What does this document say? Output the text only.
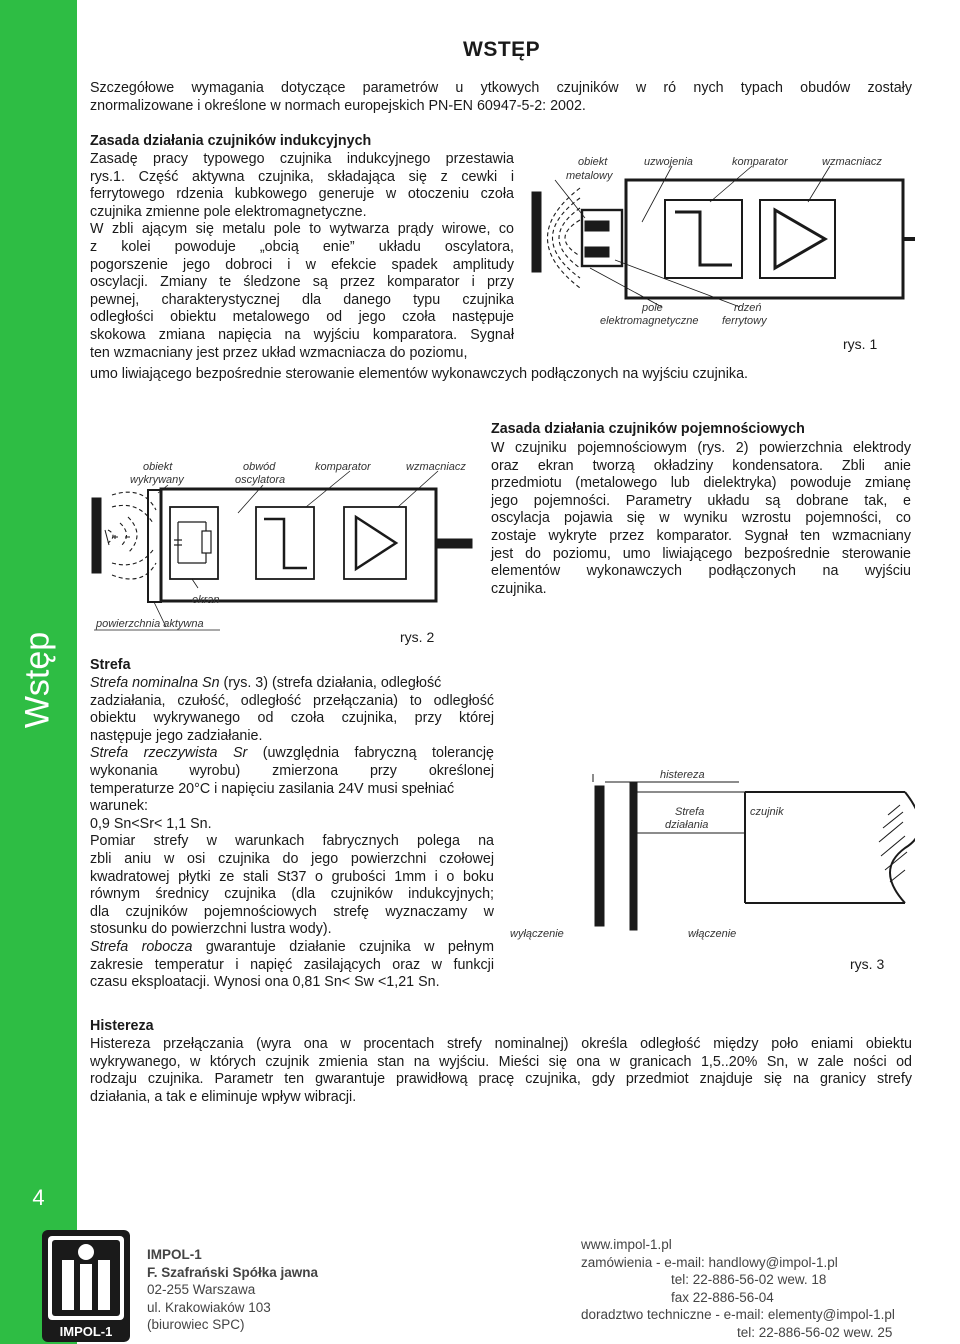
Wstęp
4
WSTĘP
Szczegółowe wymagania dotyczące parametrów u ytkowych czujników w ró nych typach obudów zostały
znormalizowane i określone w normach europejskich PN-EN 60947-5-2: 2002.
Zasada działania czujników indukcyjnych
Zasadę pracy typowego czujnika indukcyjnego przestawia
rys.1. Część aktywna czujnika, składająca się z cewki i
ferrytowego rdzenia kubkowego generuje w otoczeniu czoła
czujnika zmienne pole elektromagnetyczne.
W zbli ającym się metalu pole to wytwarza prądy wirowe, co
z kolei powoduje „obcią enie” układu oscylatora,
pogorszenie jego dobroci i w efekcie spadek amplitudy
oscylacji. Zmiany te śledzone są przez komparator i przy
pewnej, charakterystycznej dla danego typu czujnika
odległości obiektu metalowego od jego czoła następuje
skokowa zmiana napięcia na wyjściu komparatora. Sygnał
ten wzmacniany jest przez układ wzmacniacza do poziomu,
umo liwiającego bezpośrednie sterowanie elementów wykonawczych podłączonych na wyjściu czujnika.
obiekt
metalowy
uzwojenia	komparator	wzmacniacz
pole
elektromagnetyczne
rdzeń
ferrytowy
rys. 1
obiekt
wykrywany
obwód
oscylatora
komparator	wzmacniacz
ekran
powierzchnia aktywna
rys. 2
Zasada działania czujników pojemnościowych
W czujniku pojemnościowym (rys. 2) powierzchnia elektrody
oraz ekran tworzą okładziny kondensatora. Zbli anie
przedmiotu (metalowego lub dielektryka) powoduje zmianę
jego pojemności. Parametry układu są dobrane tak, e
oscylacja pojawia się w wyniku wzrostu pojemności, co
zostaje wykryte przez komparator. Sygnał ten wzmacniany
jest do poziomu, umo liwiającego bezpośrednie sterowanie
elementów wykonawczych podłączonych na wyjściu
czujnika.
Strefa
Strefa nominalna Sn (rys. 3) (strefa działania, odległość
zadziałania, czułość, odległość przełączania) to odległość
obiektu wykrywanego od czoła czujnika, przy której
następuje jego zadziałanie.
Strefa rzeczywista Sr (uwzględnia fabryczną tolerancję
wykonania wyrobu) zmierzona przy określonej
temperaturze 20°C i napięciu zasilania 24V musi spełniać
warunek:
0,9 Sn<Sr< 1,1 Sn.
Pomiar strefy w warunkach fabrycznych polega na
zbli aniu w osi czujnika do jego powierzchni czołowej
kwadratowej płytki ze stali St37 o grubości 1mm i o boku
równym średnicy czujnika (dla czujników indukcyjnych;
dla czujników pojemnościowych strefę wyznaczamy w
stosunku do powierzchni lustra wody).
Strefa robocza gwarantuje działanie czujnika w pełnym
zakresie temperatur i napięć zasilających oraz w funkcji
czasu eksploatacji. Wynosi ona 0,81 Sn< Sw <1,21 Sn.
histereza
Strefa
działania
czujnik
wyłączenie	włączenie
rys. 3
Histereza
Histereza przełączania (wyra ona w procentach strefy nominalnej) określa odległość między poło eniami obiektu
wykrywanego, w których czujnik zmienia stan na wyjściu. Mieści się ona w granicach 1,5..20% Sn, w zale ności od
rodzaju czujnika. Parametr ten gwarantuje prawidłową pracę czujnika, gdy przedmiot znajduje się na granicy strefy
działania, a tak e eliminuje wpływ wibracji.
IMPOL-1
IMPOL-1
F. Szafrański Spółka jawna
02-255 Warszawa
ul. Krakowiaków 103
(biurowiec SPC)
www.impol-1.pl
zamówienia - e-mail: handlowy@impol-1.pl
tel: 22-886-56-02 wew. 18
fax 22-886-56-04
doradztwo techniczne - e-mail: elementy@impol-1.pl
tel: 22-886-56-02 wew. 25
